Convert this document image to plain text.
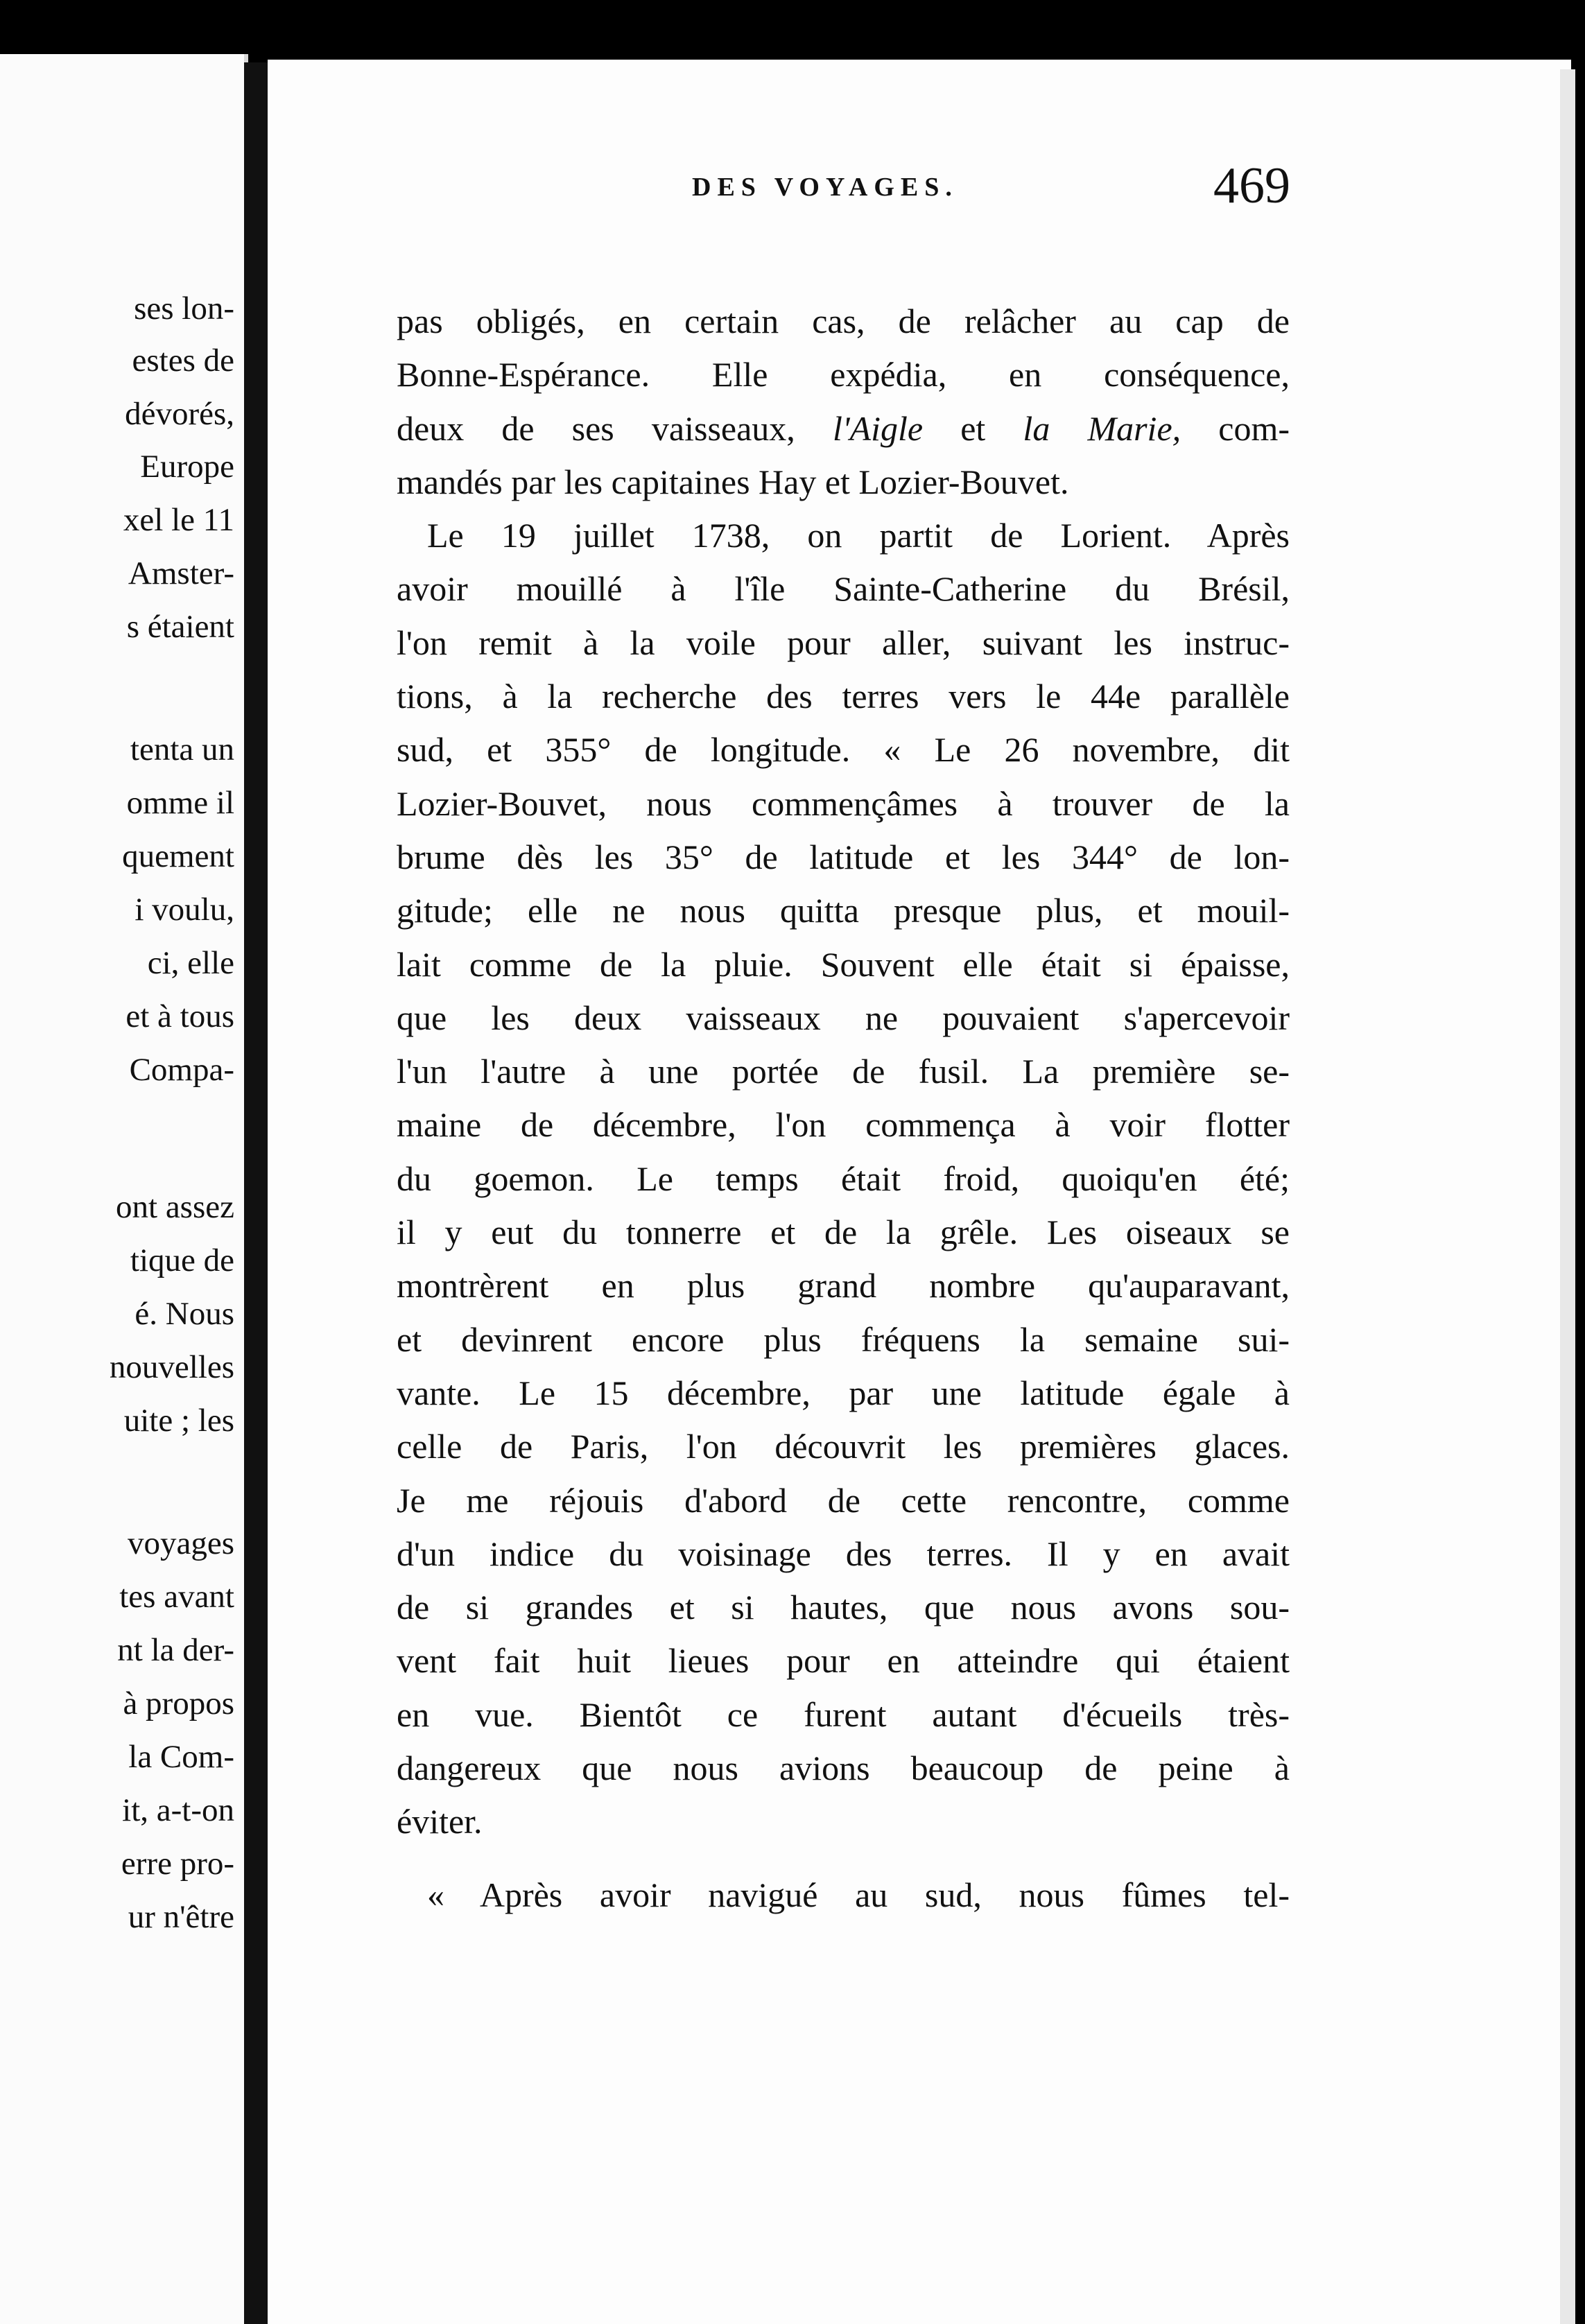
ses lon-
estes de
dévorés,
Europe
xel le 11
Amster-
s étaient
tenta un
omme il
quement
i voulu,
ci, elle
et à tous
Compa-
ont assez
tique de
é. Nous
nouvelles
uite ; les
voyages
tes avant
nt la der-
à propos
la Com-
it, a-t-on
erre pro-
ur n'être
DES VOYAGES.	469
pas obligés, en certain cas, de relâcher au cap de
Bonne-Espérance. Elle expédia, en conséquence,
deux de ses vaisseaux, l'Aigle et la Marie, com-
mandés par les capitaines Hay et Lozier-Bouvet.
Le 19 juillet 1738, on partit de Lorient. Après
avoir mouillé à l'île Sainte-Catherine du Brésil,
l'on remit à la voile pour aller, suivant les instruc-
tions, à la recherche des terres vers le 44e parallèle
sud, et 355° de longitude. « Le 26 novembre, dit
Lozier-Bouvet, nous commençâmes à trouver de la
brume dès les 35° de latitude et les 344° de lon-
gitude; elle ne nous quitta presque plus, et mouil-
lait comme de la pluie. Souvent elle était si épaisse,
que les deux vaisseaux ne pouvaient s'apercevoir
l'un l'autre à une portée de fusil. La première se-
maine de décembre, l'on commença à voir flotter
du goemon. Le temps était froid, quoiqu'en été;
il y eut du tonnerre et de la grêle. Les oiseaux se
montrèrent en plus grand nombre qu'auparavant,
et devinrent encore plus fréquens la semaine sui-
vante. Le 15 décembre, par une latitude égale à
celle de Paris, l'on découvrit les premières glaces.
Je me réjouis d'abord de cette rencontre, comme
d'un indice du voisinage des terres. Il y en avait
de si grandes et si hautes, que nous avons sou-
vent fait huit lieues pour en atteindre qui étaient
en vue. Bientôt ce furent autant d'écueils très-
dangereux que nous avions beaucoup de peine à
éviter.
« Après avoir navigué au sud, nous fûmes tel-
